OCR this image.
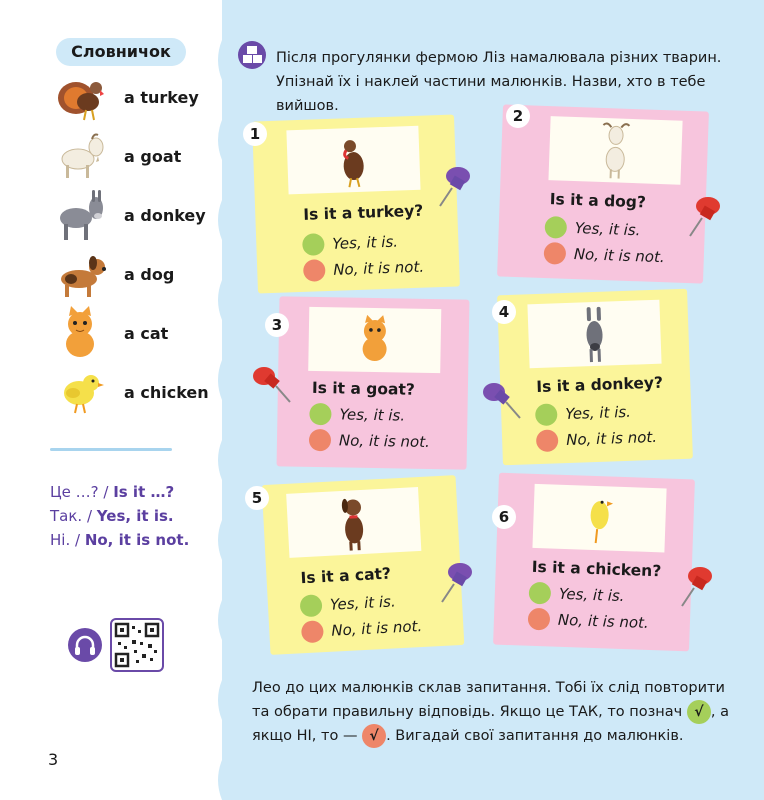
Словничок
a turkey
a goat
a donkey
a dog
a cat
a chicken
Це …? / Is it …?
Так. / Yes, it is.
Ні. / No, it is not.
3
Після прогулянки фермою Ліз намалювала різних тварин. Упізнай їх і наклей частини малюнків. Назви, хто в тебе вийшов.
Is it a turkey?
Yes, it is.
No, it is not.
1
Is it a dog?
Yes, it is.
No, it is not.
2
Is it a goat?
Yes, it is.
No, it is not.
3
Is it a donkey?
Yes, it is.
No, it is not.
4
Is it a cat?
Yes, it is.
No, it is not.
5
Is it a chicken?
Yes, it is.
No, it is not.
6
Лео до цих малюнків склав запитання. Тобі їх слід повторити та обрати правильну відповідь. Якщо це ТАК, то познач √ , а якщо НІ, то — √ . Вигадай свої запитання до малюнків.
